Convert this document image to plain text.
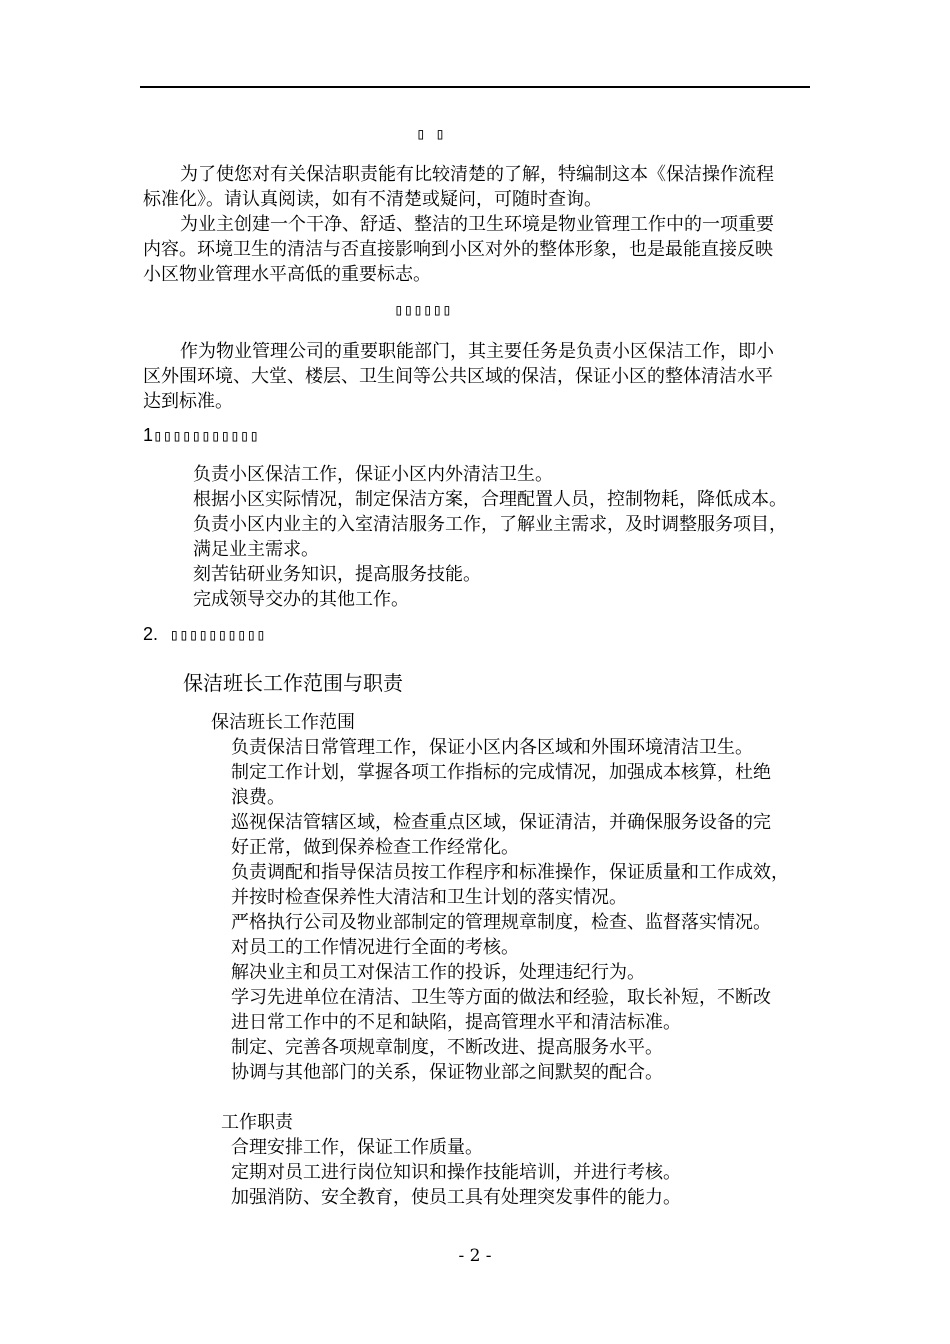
▯ ▯
为了使您对有关保洁职责能有比较清楚的了解，特编制这本《保洁操作流程
标准化》。请认真阅读，如有不清楚或疑问，可随时查询。
为业主创建一个干净、舒适、整洁的卫生环境是物业管理工作中的一项重要
内容。环境卫生的清洁与否直接影响到小区对外的整体形象，也是最能直接反映
小区物业管理水平高低的重要标志。
▯▯▯▯▯▯
作为物业管理公司的重要职能部门，其主要任务是负责小区保洁工作，即小
区外围环境、大堂、楼层、卫生间等公共区域的保洁，保证小区的整体清洁水平
达到标准。
1▯▯▯▯▯▯▯▯▯▯▯
负责小区保洁工作，保证小区内外清洁卫生。
根据小区实际情况，制定保洁方案，合理配置人员，控制物耗，降低成本。
负责小区内业主的入室清洁服务工作，了解业主需求，及时调整服务项目，
满足业主需求。
刻苦钻研业务知识，提高服务技能。
完成领导交办的其他工作。
2. ▯▯▯▯▯▯▯▯▯▯
保洁班长工作范围与职责
保洁班长工作范围
负责保洁日常管理工作，保证小区内各区域和外围环境清洁卫生。
制定工作计划，掌握各项工作指标的完成情况，加强成本核算，杜绝
浪费。
巡视保洁管辖区域，检查重点区域，保证清洁，并确保服务设备的完
好正常，做到保养检查工作经常化。
负责调配和指导保洁员按工作程序和标准操作，保证质量和工作成效，
并按时检查保养性大清洁和卫生计划的落实情况。
严格执行公司及物业部制定的管理规章制度，检查、监督落实情况。
对员工的工作情况进行全面的考核。
解决业主和员工对保洁工作的投诉，处理违纪行为。
学习先进单位在清洁、卫生等方面的做法和经验，取长补短，不断改
进日常工作中的不足和缺陷，提高管理水平和清洁标准。
制定、完善各项规章制度，不断改进、提高服务水平。
协调与其他部门的关系，保证物业部之间默契的配合。
工作职责
合理安排工作，保证工作质量。
定期对员工进行岗位知识和操作技能培训，并进行考核。
加强消防、安全教育，使员工具有处理突发事件的能力。
- 2 -
